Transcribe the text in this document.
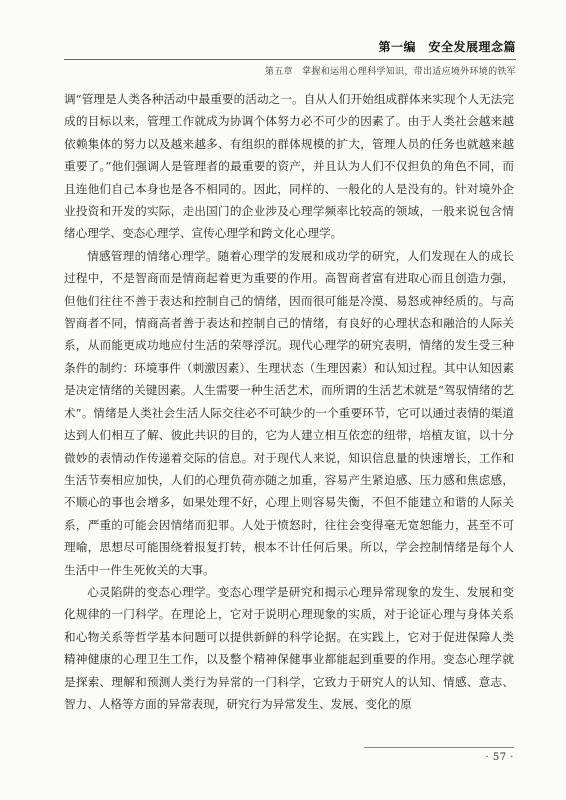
第一编　安全发展理念篇
第五章　掌握和运用心理科学知识，带出适应境外环境的铁军

调“管理是人类各种活动中最重要的活动之一。自从人们开始组成群体来实现个人无法完成的目标以来，管理工作就成为协调个体努力必不可少的因素了。由于人类社会越来越依赖集体的努力以及越来越多、有组织的群体规模的扩大，管理人员的任务也就越来越重要了。”他们强调人是管理者的最重要的资产，并且认为人们不仅担负的角色不同，而且连他们自己本身也是各不相同的。因此，同样的、一般化的人是没有的。针对境外企业投资和开发的实际，走出国门的企业涉及心理学频率比较高的领域，一般来说包含情绪心理学、变态心理学、宣传心理学和跨文化心理学。

情感管理的情绪心理学。随着心理学的发展和成功学的研究，人们发现在人的成长过程中，不是智商而是情商起着更为重要的作用。高智商者富有进取心而且创造力强，但他们往往不善于表达和控制自己的情绪，因而很可能是冷漠、易怒或神经质的。与高智商者不同，情商高者善于表达和控制自己的情绪，有良好的心理状态和融洽的人际关系，从而能更成功地应付生活的荣辱浮沉。现代心理学的研究表明，情绪的发生受三种条件的制约：环境事件（刺激因素）、生理状态（生理因素）和认知过程。其中认知因素是决定情绪的关键因素。人生需要一种生活艺术，而所谓的生活艺术就是“驾驭情绪的艺术”。情绪是人类社会生活人际交往必不可缺少的一个重要环节，它可以通过表情的渠道达到人们相互了解、彼此共识的目的，它为人建立相互依恋的纽带，培植友谊，以十分微妙的表情动作传递着交际的信息。对于现代人来说，知识信息量的快速增长，工作和生活节奏相应加快，人们的心理负荷亦随之加重，容易产生紧迫感、压力感和焦虑感，不顺心的事也会增多，如果处理不好，心理上则容易失衡，不但不能建立和谐的人际关系，严重的可能会因情绪而犯罪。人处于愤怒时，往往会变得毫无宽恕能力，甚至不可理喻，思想尽可能围绕着报复打转，根本不计任何后果。所以，学会控制情绪是每个人生活中一件生死攸关的大事。

心灵陷阱的变态心理学。变态心理学是研究和揭示心理异常现象的发生、发展和变化规律的一门科学。在理论上，它对于说明心理现象的实质，对于论证心理与身体关系和心物关系等哲学基本问题可以提供新鲜的科学论据。在实践上，它对于促进保障人类精神健康的心理卫生工作，以及整个精神保健事业都能起到重要的作用。变态心理学就是探索、理解和预测人类行为异常的一门科学，它致力于研究人的认知、情感、意志、智力、人格等方面的异常表现，研究行为异常发生、发展、变化的原

· 57 ·
